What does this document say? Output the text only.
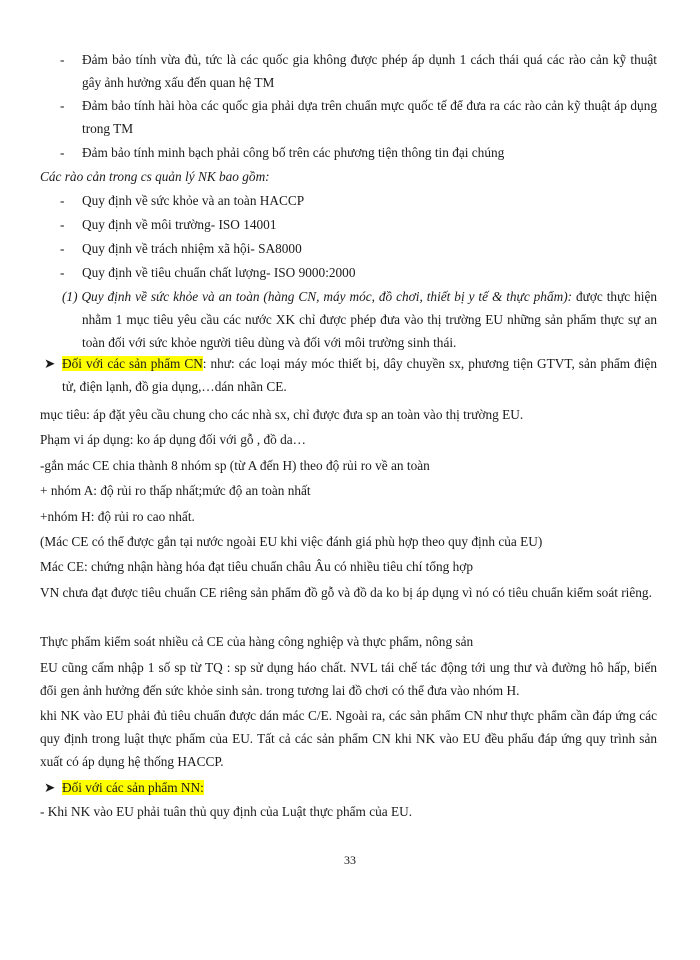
- Đảm bảo tính vừa đủ, tức là các quốc gia không được phép áp dụnh 1 cách thái quá các rào cản kỹ thuật gây ảnh hưởng xấu đến quan hệ TM

- Đảm bảo tính hài hòa các quốc gia phải dựa trên chuẩn mực quốc tế để đưa ra các rào cản kỹ thuật áp dụng trong TM

- Đảm bảo tính minh bạch phải công bố trên các phương tiện thông tin đại chúng

Các rào cản trong cs quản lý NK bao gồm:

- Quy định về sức khỏe và an toàn HACCP

- Quy định về môi trường- ISO 14001

- Quy định về trách nhiệm xã hội- SA8000

- Quy định về tiêu chuẩn chất lượng- ISO 9000:2000

(1) Quy định về sức khỏe và an toàn (hàng CN, máy móc, đồ chơi, thiết bị y tế & thực phẩm): được thực hiện nhằm 1 mục tiêu yêu cầu các nước XK chỉ được phép đưa vào thị trường EU những sản phẩm thực sự an toàn đối với sức khỏe người tiêu dùng và đối với môi trường sinh thái.

➤ Đối với các sản phẩm CN: như: các loại máy móc thiết bị, dây chuyền sx, phương tiện GTVT, sản phẩm điện tử, điện lạnh, đồ gia dụng,…dán nhãn CE.

mục tiêu: áp đặt yêu cầu chung cho các nhà sx, chỉ được đưa sp an toàn vào thị trường EU.

Phạm vi áp dụng: ko áp dụng đối với gỗ , đồ da…

-gắn mác CE chia thành 8 nhóm sp (từ A đến H) theo độ rủi ro về an toàn

+ nhóm A: độ rủi ro thấp nhất;mức độ an toàn nhất

+nhóm H: độ rủi ro cao nhất.

(Mác CE có thể được gắn tại nước ngoài EU khi việc đánh giá phù hợp theo quy định của EU)

Mác CE: chứng nhận hàng hóa đạt tiêu chuẩn châu Âu có nhiều tiêu chí tổng hợp

VN chưa đạt được tiêu chuẩn CE riêng sản phẩm đồ gỗ và đồ da ko bị áp dụng vì nó có tiêu chuẩn kiểm soát riêng.

Thực phẩm kiểm soát nhiều cả CE của hàng công nghiệp và thực phẩm, nông sản

EU cũng cấm nhập 1 số sp từ TQ : sp sử dụng háo chất. NVL tái chế tác động tới ung thư và đường hô hấp, biến đổi gen ảnh hưởng đến sức khỏe sinh sản. trong tương lai đồ chơi có thể đưa vào nhóm H.

khi NK vào EU phải đủ tiêu chuẩn được dán mác C/E. Ngoài ra, các sản phẩm CN như thực phẩm cần đáp ứng các quy định trong luật thực phẩm của EU. Tất cả các sản phẩm CN khi NK vào EU đều phẩu đáp ứng quy trình sản xuất có áp dụng hệ thống HACCP.

➤ Đối với các sản phẩm NN:

- Khi NK vào EU phải tuân thủ quy định của Luật thực phẩm của EU.

33
